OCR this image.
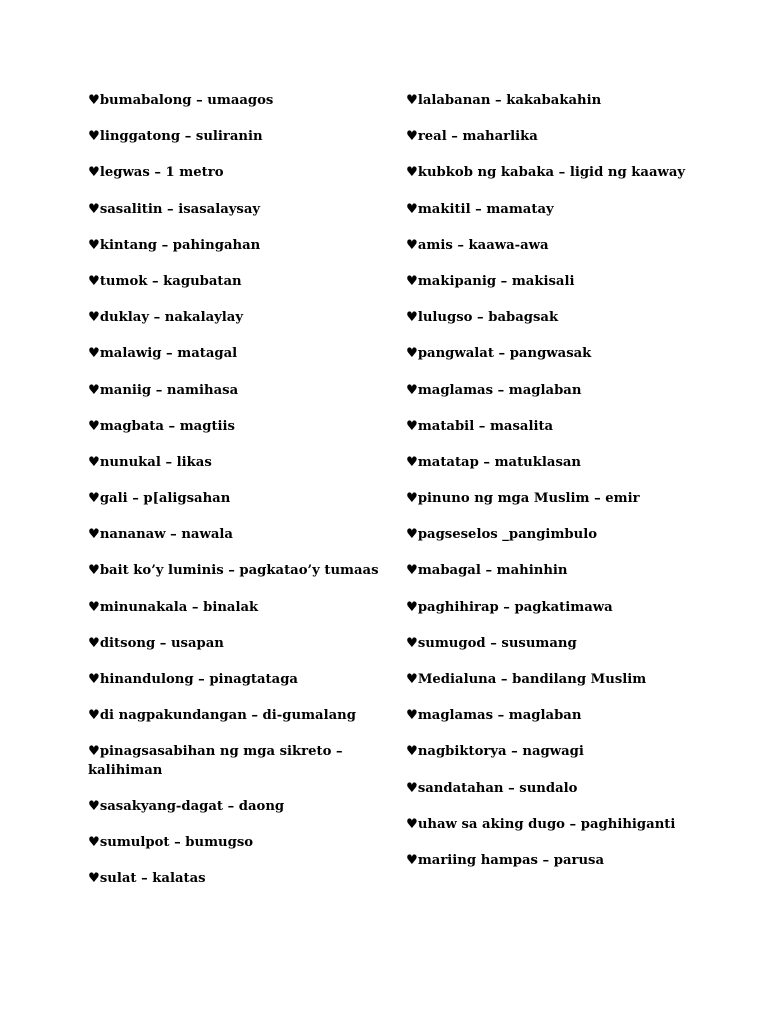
♥bumabalong – umaagos
♥linggatong – suliranin
♥legwas – 1 metro
♥sasalitin – isasalaysay
♥kintang – pahingahan
♥tumok – kagubatan
♥duklay – nakalaylay
♥malawig – matagal
♥maniig – namihasa
♥magbata – magtiis
♥nunukal – likas
♥gali – p[aligsahan
♥nananaw – nawala
♥bait ko’y luminis – pagkatao’y tumaas
♥minunakala – binalak
♥ditsong – usapan
♥hinandulong – pinagtataga
♥di nagpakundangan – di-gumalang
♥pinagsasabihan ng mga sikreto – kalihiman
♥sasakyang-dagat – daong
♥sumulpot – bumugso
♥sulat – kalatas
♥lalabanan – kakabakahin
♥real – maharlika
♥kubkob ng kabaka – ligid ng kaaway
♥makitil – mamatay
♥amis – kaawa-awa
♥makipanig – makisali
♥lulugso – babagsak
♥pangwalat – pangwasak
♥maglamas – maglaban
♥matabil – masalita
♥matatap – matuklasan
♥pinuno ng mga Muslim – emir
♥pagseselos _pangimbulo
♥mabagal – mahinhin
♥paghihirap – pagkatimawa
♥sumugod – susumang
♥Medialuna – bandilang Muslim
♥maglamas – maglaban
♥nagbiktorya – nagwagi
♥sandatahan – sundalo
♥uhaw sa aking dugo – paghihiganti
♥mariing hampas – parusa
